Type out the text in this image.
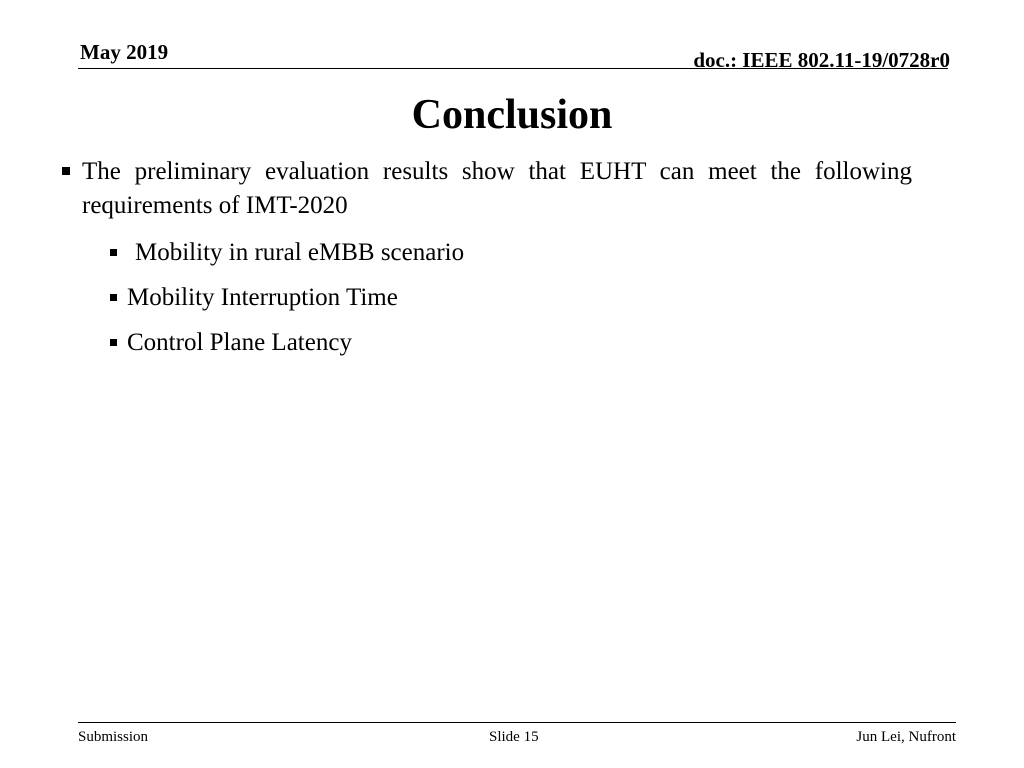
May 2019	doc.: IEEE 802.11-19/0728r0
Conclusion
The preliminary evaluation results show that EUHT can meet the following requirements of IMT-2020
Mobility in rural eMBB scenario
Mobility Interruption Time
Control Plane Latency
Submission	Slide 15	Jun Lei, Nufront
